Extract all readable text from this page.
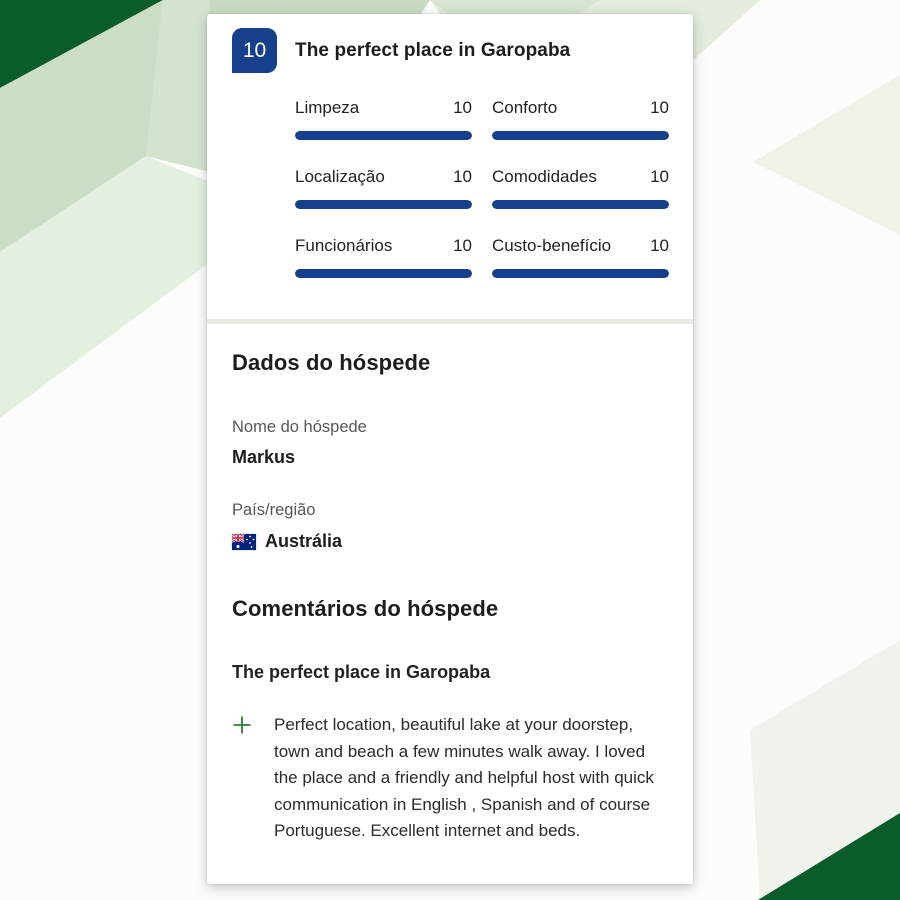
10	The perfect place in Garopaba
Limpeza	10 Conforto	10
Localização	10 Comodidades	10
Funcionários	10 Custo-benefício 10
Dados do hóspede
Nome do hóspede
Markus
País/região
Austrália
Comentários do hóspede
The perfect place in Garopaba
Perfect location, beautiful lake at your doorstep, town and beach a few minutes walk away. I loved the place and a friendly and helpful host with quick communication in English , Spanish and of course Portuguese. Excellent internet and beds.
